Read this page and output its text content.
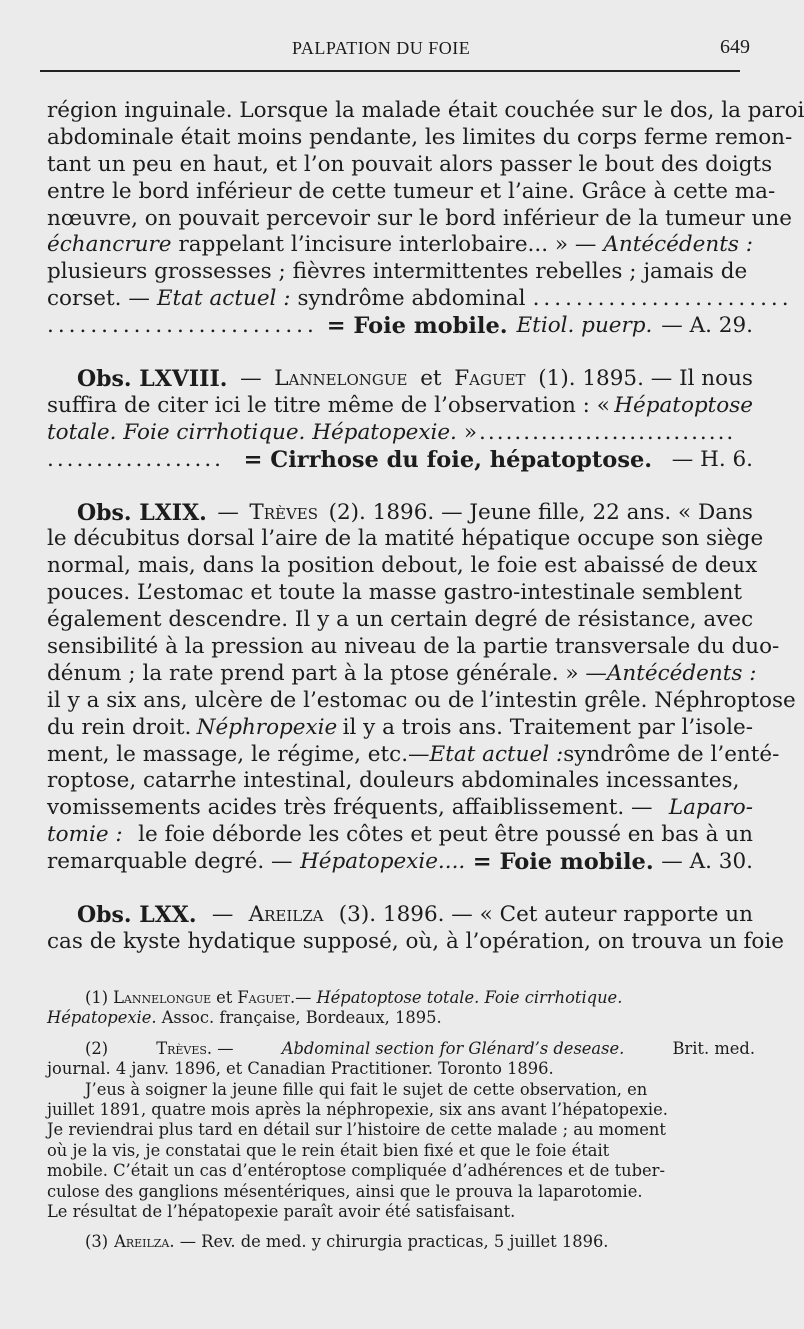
PALPATION DU FOIE	649
région inguinale. Lorsque la malade était couchée sur le dos, la paroi
abdominale était moins pendante, les limites du corps ferme remon-
tant un peu en haut, et l’on pouvait alors passer le bout des doigts
entre le bord inférieur de cette tumeur et l’aine. Grâce à cette ma-
nœuvre, on pouvait percevoir sur le bord inférieur de la tumeur une
échancrure rappelant l’incisure interlobaire... » — Antécédents :
plusieurs grossesses ; fièvres intermittentes rebelles ; jamais de
corset. — Etat actuel : syndrôme abdominal ........................
......................... = Foie mobile. Etiol. puerp. — A. 29.
Obs. LXVIII. — Lannelongue et Faguet (1). 1895. — Il nous
suffira de citer ici le titre même de l’observation : « Hépatoptose
totale. Foie cirrhotique. Hépatopexie. ».............................
.................. = Cirrhose du foie, hépatoptose. — H. 6.
Obs. LXIX. — Trèves (2). 1896. — Jeune fille, 22 ans. « Dans
le décubitus dorsal l’aire de la matité hépatique occupe son siège
normal, mais, dans la position debout, le foie est abaissé de deux
pouces. L’estomac et toute la masse gastro-intestinale semblent
également descendre. Il y a un certain degré de résistance, avec
sensibilité à la pression au niveau de la partie transversale du duo-
dénum ; la rate prend part à la ptose générale. » — Antécédents :
il y a six ans, ulcère de l’estomac ou de l’intestin grêle. Néphroptose
du rein droit. Néphropexie il y a trois ans. Traitement par l’isole-
ment, le massage, le régime, etc.— Etat actuel : syndrôme de l’enté-
roptose, catarrhe intestinal, douleurs abdominales incessantes,
vomissements acides très fréquents, affaiblissement. — Laparo-
tomie : le foie déborde les côtes et peut être poussé en bas à un
remarquable degré. — Hépatopexie.... = Foie mobile. — A. 30.
Obs. LXX. — Areilza (3). 1896. — « Cet auteur rapporte un
cas de kyste hydatique supposé, où, à l’opération, on trouva un foie
(1) Lannelongue et Faguet .— Hépatoptose totale. Foie cirrhotique.
Hépatopexie. Assoc. française, Bordeaux, 1895.
(2)	Trèves. —	Abdominal section for Glénard’s desease.	Brit. med.
journal. 4 janv. 1896, et Canadian Practitioner. Toronto 1896.
J’eus à soigner la jeune fille qui fait le sujet de cette observation, en
juillet 1891, quatre mois après la néphropexie, six ans avant l’hépatopexie.
Je reviendrai plus tard en détail sur l’histoire de cette malade ; au moment
où je la vis, je constatai que le rein était bien fixé et que le foie était
mobile. C’était un cas d’entéroptose compliquée d’adhérences et de tuber-
culose des ganglions mésentériques, ainsi que le prouva la laparotomie.
Le résultat de l’hépatopexie paraît avoir été satisfaisant.
(3) Areilza. — Rev. de med. y chirurgia practicas, 5 juillet 1896.
